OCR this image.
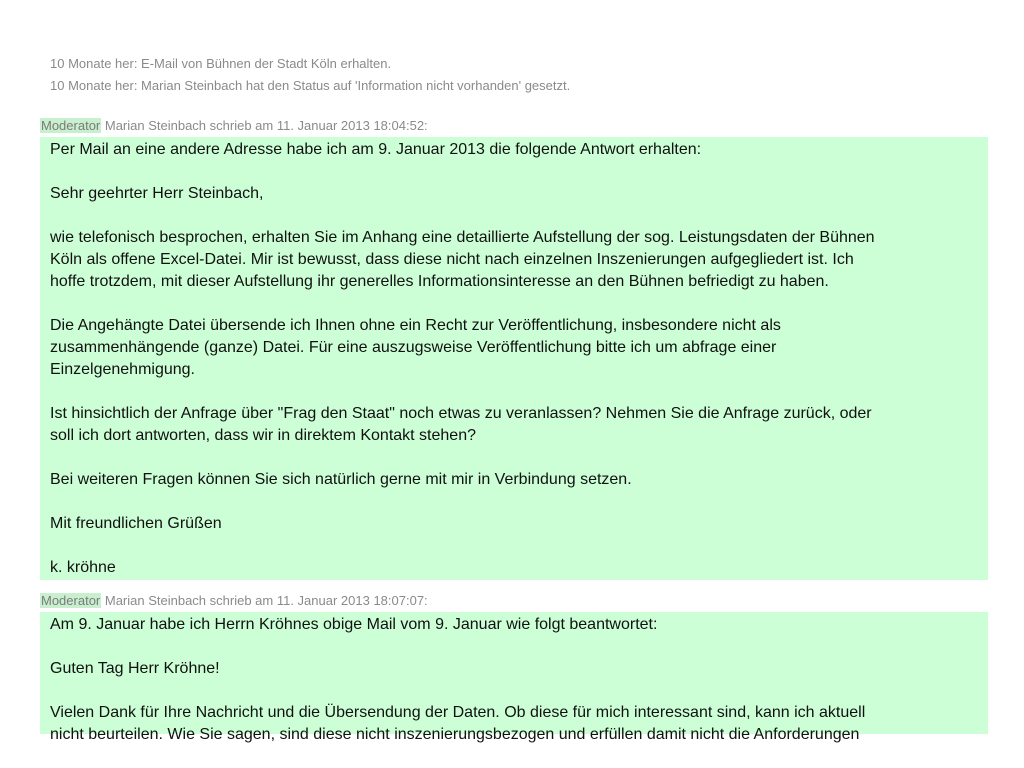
10 Monate her: E-Mail von Bühnen der Stadt Köln erhalten.
10 Monate her: Marian Steinbach hat den Status auf 'Information nicht vorhanden' gesetzt.
Moderator Marian Steinbach schrieb am 11. Januar 2013 18:04:52:

Per Mail an eine andere Adresse habe ich am 9. Januar 2013 die folgende Antwort erhalten:

Sehr geehrter Herr Steinbach,

wie telefonisch besprochen, erhalten Sie im Anhang eine detaillierte Aufstellung der sog. Leistungsdaten der Bühnen
Köln als offene Excel-Datei. Mir ist bewusst, dass diese nicht nach einzelnen Inszenierungen aufgegliedert ist. Ich
hoffe trotzdem, mit dieser Aufstellung ihr generelles Informationsinteresse an den Bühnen befriedigt zu haben.

Die Angehängte Datei übersende ich Ihnen ohne ein Recht zur Veröffentlichung, insbesondere nicht als
zusammenhängende (ganze) Datei. Für eine auszugsweise Veröffentlichung bitte ich um abfrage einer
Einzelgenehmigung.

Ist hinsichtlich der Anfrage über "Frag den Staat" noch etwas zu veranlassen? Nehmen Sie die Anfrage zurück, oder
soll ich dort antworten, dass wir in direktem Kontakt stehen?

Bei weiteren Fragen können Sie sich natürlich gerne mit mir in Verbindung setzen.

Mit freundlichen Grüßen

k. kröhne

Moderator Marian Steinbach schrieb am 11. Januar 2013 18:07:07:

Am 9. Januar habe ich Herrn Kröhnes obige Mail vom 9. Januar wie folgt beantwortet:

Guten Tag Herr Kröhne!

Vielen Dank für Ihre Nachricht und die Übersendung der Daten. Ob diese für mich interessant sind, kann ich aktuell
nicht beurteilen. Wie Sie sagen, sind diese nicht inszenierungsbezogen und erfüllen damit nicht die Anforderungen
